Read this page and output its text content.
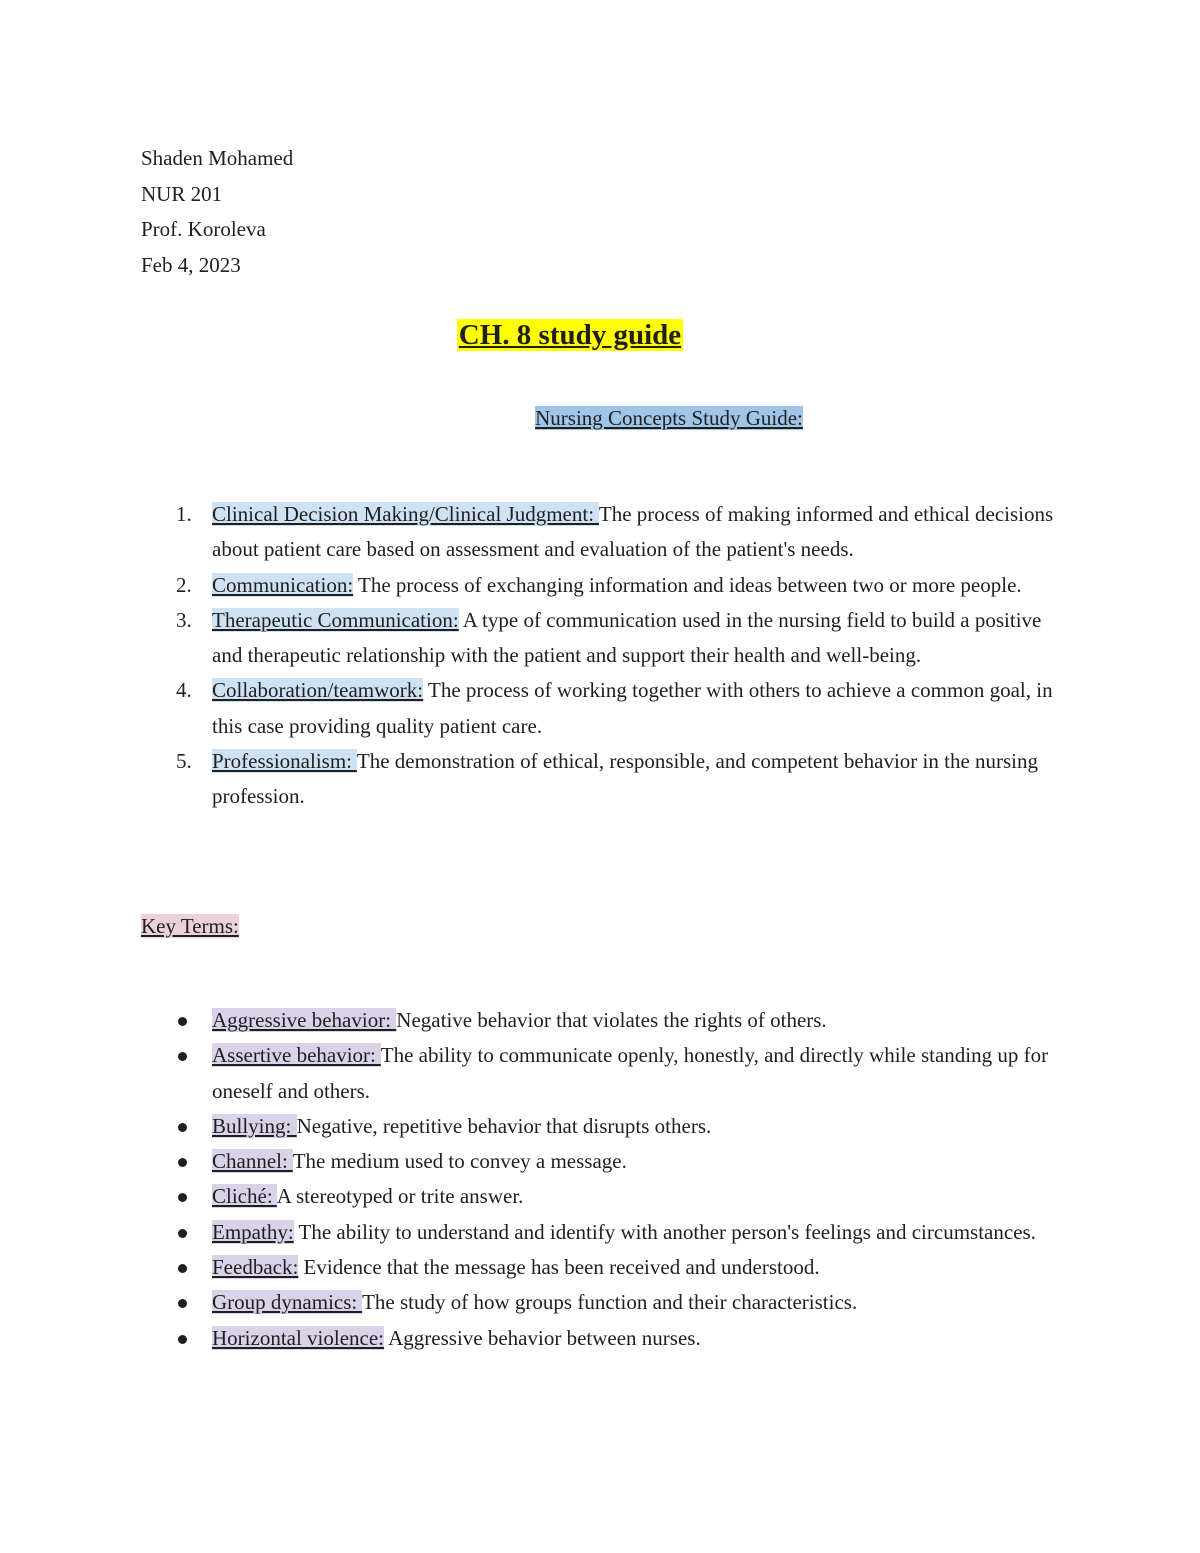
Shaden Mohamed
NUR 201
Prof. Koroleva
Feb 4, 2023
CH. 8 study guide
Nursing Concepts Study Guide:
1. Clinical Decision Making/Clinical Judgment: The process of making informed and ethical decisions about patient care based on assessment and evaluation of the patient's needs.
2. Communication: The process of exchanging information and ideas between two or more people.
3. Therapeutic Communication: A type of communication used in the nursing field to build a positive and therapeutic relationship with the patient and support their health and well-being.
4. Collaboration/teamwork: The process of working together with others to achieve a common goal, in this case providing quality patient care.
5. Professionalism: The demonstration of ethical, responsible, and competent behavior in the nursing profession.
Key Terms:
Aggressive behavior: Negative behavior that violates the rights of others.
Assertive behavior: The ability to communicate openly, honestly, and directly while standing up for oneself and others.
Bullying: Negative, repetitive behavior that disrupts others.
Channel: The medium used to convey a message.
Cliché: A stereotyped or trite answer.
Empathy: The ability to understand and identify with another person's feelings and circumstances.
Feedback: Evidence that the message has been received and understood.
Group dynamics: The study of how groups function and their characteristics.
Horizontal violence: Aggressive behavior between nurses.
